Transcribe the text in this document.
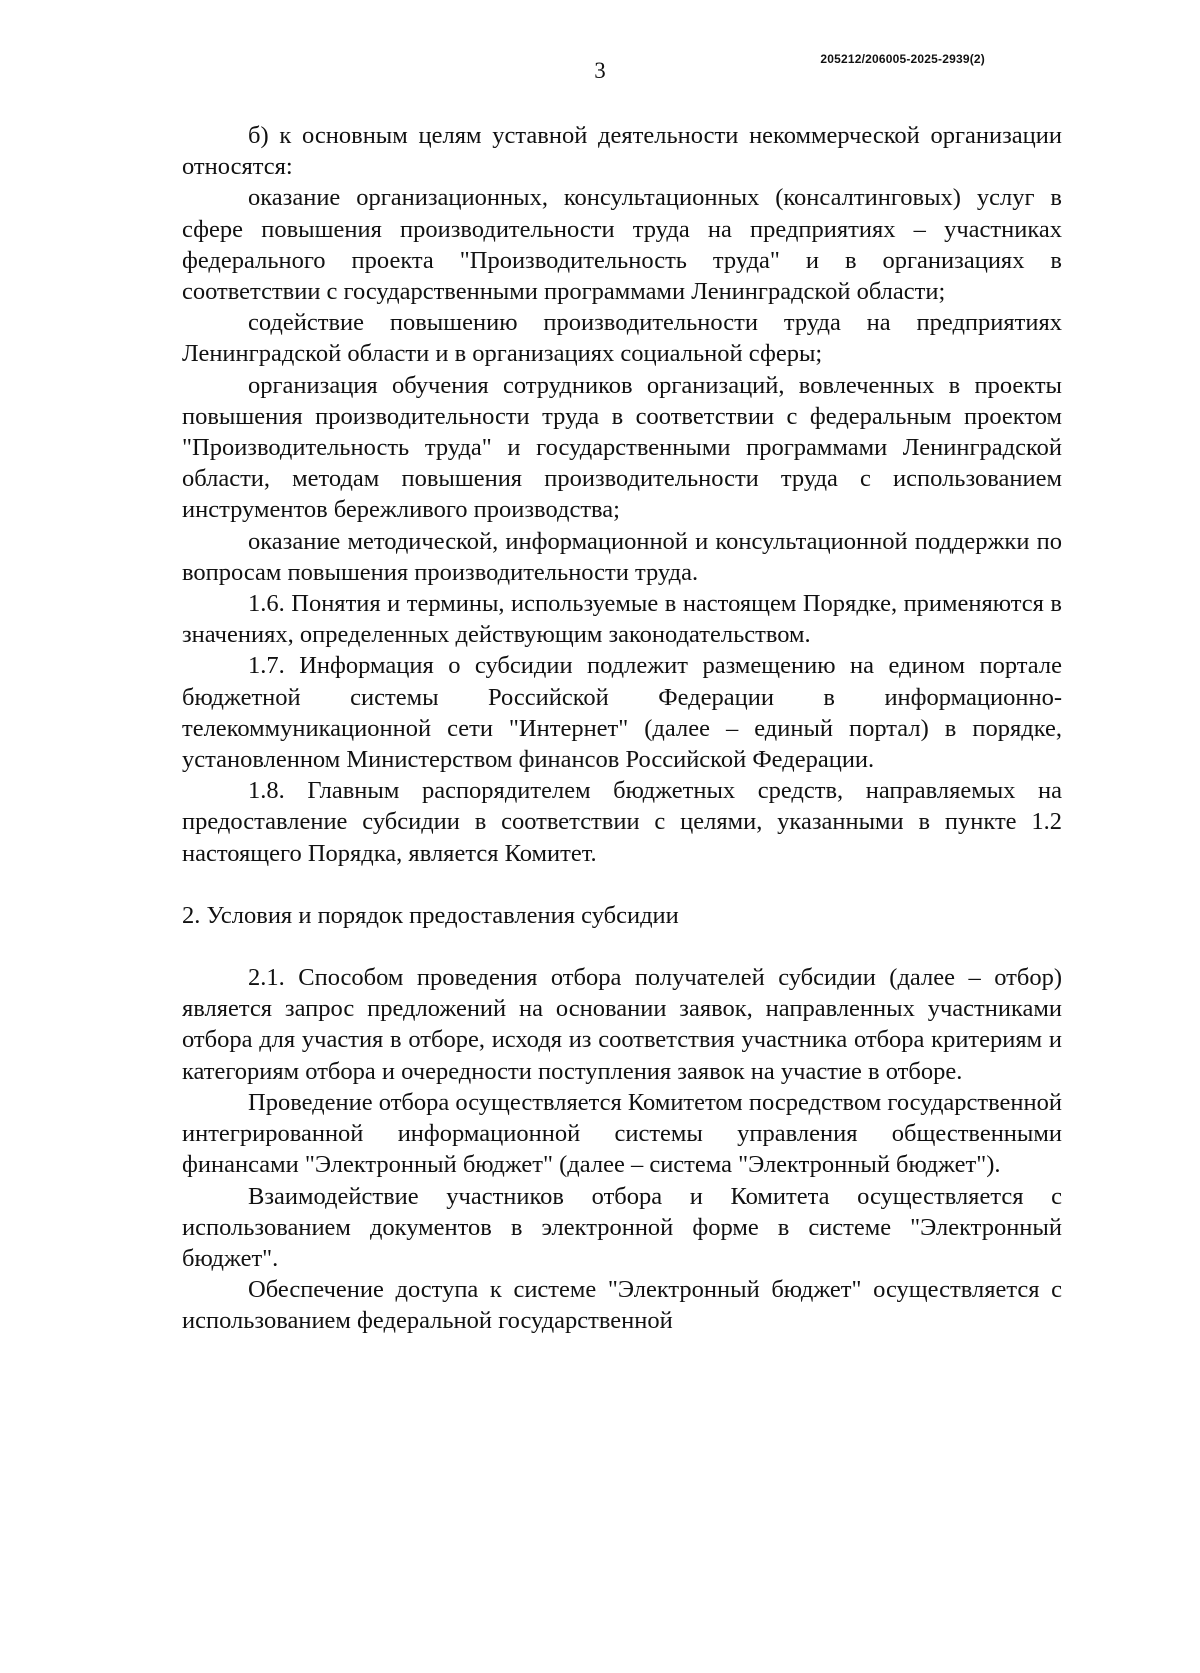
3	205212/206005-2025-2939(2)

б) к основным целям уставной деятельности некоммерческой организации относятся:

оказание организационных, консультационных (консалтинговых) услуг в сфере повышения производительности труда на предприятиях – участниках федерального проекта "Производительность труда" и в организациях в соответствии с государственными программами Ленинградской области;

содействие повышению производительности труда на предприятиях Ленинградской области и в организациях социальной сферы;

организация обучения сотрудников организаций, вовлеченных в проекты повышения производительности труда в соответствии с федеральным проектом "Производительность труда" и государственными программами Ленинградской области, методам повышения производительности труда с использованием инструментов бережливого производства;

оказание методической, информационной и консультационной поддержки по вопросам повышения производительности труда.

1.6. Понятия и термины, используемые в настоящем Порядке, применяются в значениях, определенных действующим законодательством.

1.7. Информация о субсидии подлежит размещению на едином портале бюджетной системы Российской Федерации в информационно-телекоммуникационной сети "Интернет" (далее – единый портал) в порядке, установленном Министерством финансов Российской Федерации.

1.8. Главным распорядителем бюджетных средств, направляемых на предоставление субсидии в соответствии с целями, указанными в пункте 1.2 настоящего Порядка, является Комитет.

2. Условия и порядок предоставления субсидии

2.1. Способом проведения отбора получателей субсидии (далее – отбор) является запрос предложений на основании заявок, направленных участниками отбора для участия в отборе, исходя из соответствия участника отбора критериям и категориям отбора и очередности поступления заявок на участие в отборе.

Проведение отбора осуществляется Комитетом посредством государственной интегрированной информационной системы управления общественными финансами "Электронный бюджет" (далее – система "Электронный бюджет").

Взаимодействие участников отбора и Комитета осуществляется с использованием документов в электронной форме в системе "Электронный бюджет".

Обеспечение доступа к системе "Электронный бюджет" осуществляется с использованием федеральной государственной
